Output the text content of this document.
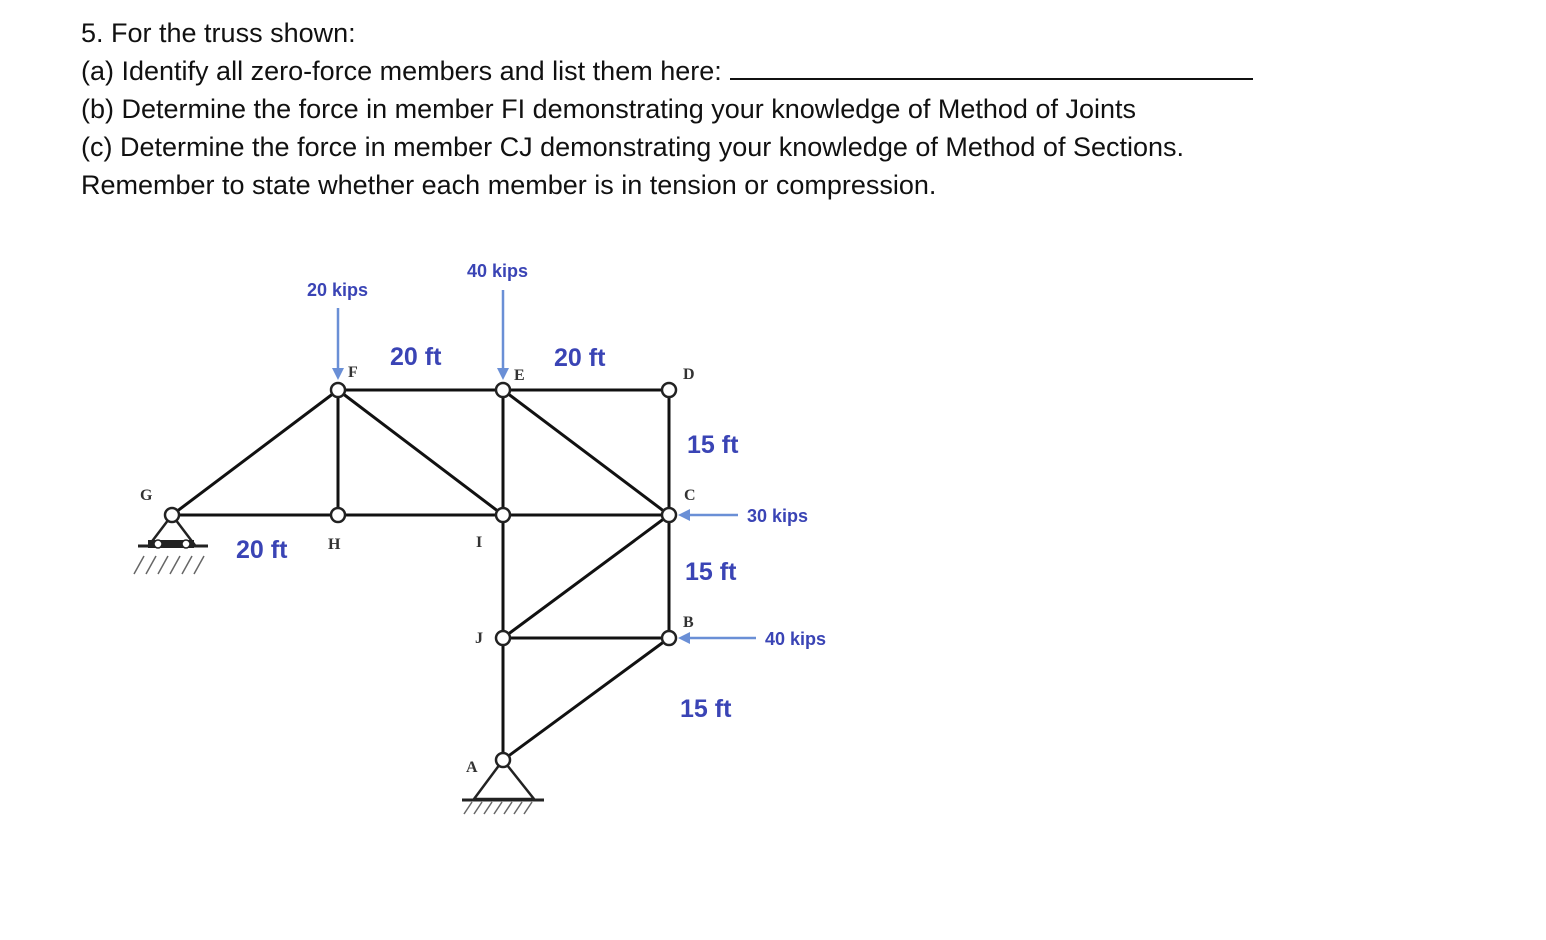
5. For the truss shown:
(a) Identify all zero-force members and list them here:
(b) Determine the force in member FI demonstrating your knowledge of Method of Joints
(c) Determine the force in member CJ demonstrating your knowledge of Method of Sections.
Remember to state whether each member is in tension or compression.
20 kips
40 kips
30 kips
40 kips
20 ft	20 ft
20 ft
15 ft
15 ft
15 ft
G
H	I
C
F	E	D
J
B
A
